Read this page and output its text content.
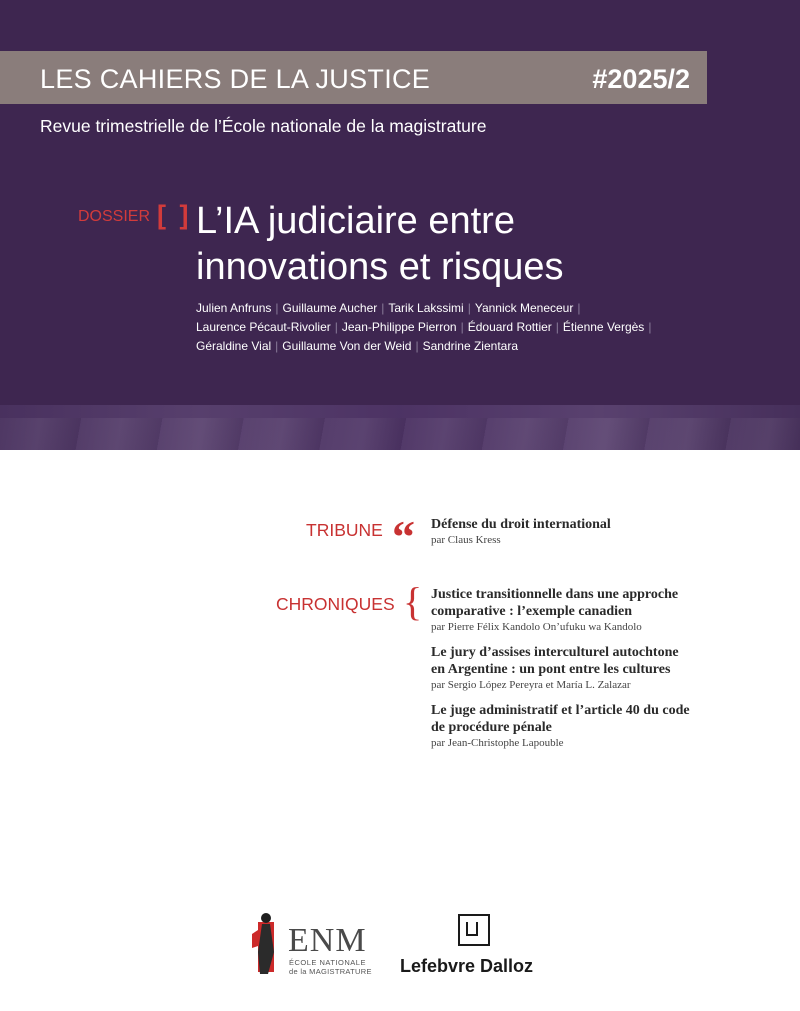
LES CAHIERS DE LA JUSTICE	#2025/2
Revue trimestrielle de l’École nationale de la magistrature
DOSSIER [ ] L’IA judiciaire entre
innovations et risques
Julien Anfruns | Guillaume Aucher | Tarik Lakssimi | Yannick Meneceur |
Laurence Pécaut-Rivolier | Jean-Philippe Pierron | Édouard Rottier | Étienne Vergès |
Géraldine Vial | Guillaume Von der Weid | Sandrine Zientara
TRIBUNE “ Défense du droit international
par Claus Kress
CHRONIQUES { Justice transitionnelle dans une approche
comparative : l’exemple canadien
par Pierre Félix Kandolo On’ufuku wa Kandolo
Le jury d’assises interculturel autochtone
en Argentine : un pont entre les cultures
par Sergio López Pereyra et María L. Zalazar
Le juge administratif et l’article 40 du code
de procédure pénale
par Jean-Christophe Lapouble
ENM
ÉCOLE NATIONALE
de la MAGISTRATURE Lefebvre Dalloz
